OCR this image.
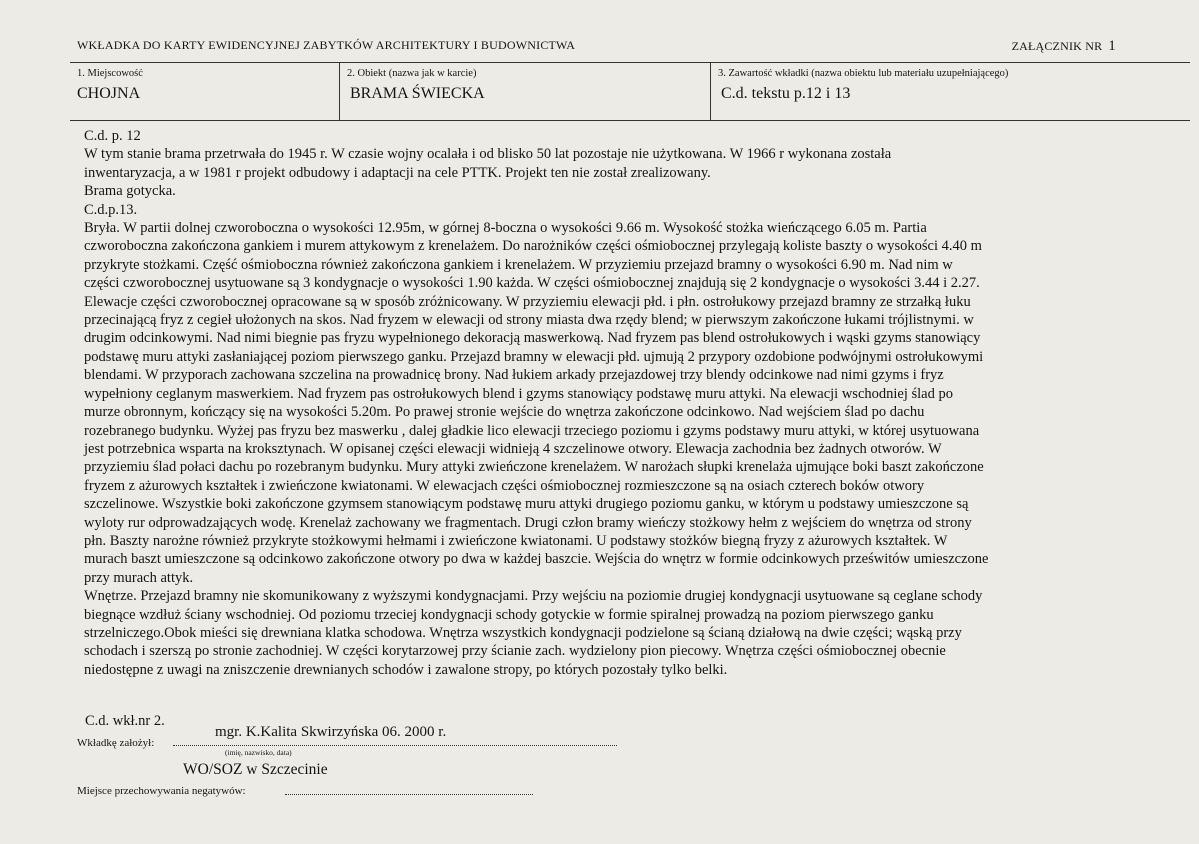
WKŁADKA DO KARTY EWIDENCYJNEJ ZABYTKÓW ARCHITEKTURY I BUDOWNICTWA	ZAŁĄCZNIK NR 1
1. Miejscowość
CHOJNA
2. Obiekt (nazwa jak w karcie)
BRAMA ŚWIECKA
3. Zawartość wkładki (nazwa obiektu lub materiału uzupełniającego)
C.d. tekstu p.12 i 13
C.d. p. 12
W tym stanie brama przetrwała do 1945 r. W czasie wojny ocalała i od blisko 50 lat pozostaje nie użytkowana. W 1966 r wykonana została
inwentaryzacja, a w 1981 r projekt odbudowy i adaptacji na cele PTTK. Projekt ten nie został zrealizowany.
Brama gotycka.
C.d.p.13.
Bryła. W partii dolnej czworoboczna o wysokości 12.95m, w górnej 8-boczna o wysokości 9.66 m. Wysokość stożka wieńczącego 6.05 m. Partia
czworoboczna zakończona gankiem i murem attykowym z krenelażem. Do narożników części ośmiobocznej przylegają koliste baszty o wysokości 4.40 m
przykryte stożkami. Część ośmioboczna również zakończona gankiem i krenelażem. W przyziemiu przejazd bramny o wysokości 6.90 m. Nad nim w
części czworobocznej usytuowane są 3 kondygnacje o wysokości 1.90 każda. W części ośmiobocznej znajdują się 2 kondygnacje o wysokości 3.44 i 2.27.
Elewacje części czworobocznej opracowane są w sposób zróżnicowany. W przyziemiu elewacji płd. i płn. ostrołukowy przejazd bramny ze strzałką łuku
przecinającą fryz z cegieł ułożonych na skos. Nad fryzem w elewacji od strony miasta dwa rzędy blend; w pierwszym zakończone łukami trójlistnymi. w
drugim odcinkowymi. Nad nimi biegnie pas fryzu wypełnionego dekoracją maswerkową. Nad fryzem pas blend ostrołukowych i wąski gzyms stanowiący
podstawę muru attyki zasłaniającej poziom pierwszego ganku. Przejazd bramny w elewacji płd. ujmują 2 przypory ozdobione podwójnymi ostrołukowymi
blendami. W przyporach zachowana szczelina na prowadnicę brony. Nad łukiem arkady przejazdowej trzy blendy odcinkowe nad nimi gzyms i fryz
wypełniony ceglanym maswerkiem. Nad fryzem pas ostrołukowych blend i gzyms stanowiący podstawę muru attyki. Na elewacji wschodniej ślad po
murze obronnym, kończący się na wysokości 5.20m. Po prawej stronie wejście do wnętrza zakończone odcinkowo. Nad wejściem ślad po dachu
rozebranego budynku. Wyżej pas fryzu bez maswerku , dalej gładkie lico elewacji trzeciego poziomu i gzyms podstawy muru attyki, w której usytuowana
jest potrzebnica wsparta na kroksztynach. W opisanej części elewacji widnieją 4 szczelinowe otwory. Elewacja zachodnia bez żadnych otworów. W
przyziemiu ślad połaci dachu po rozebranym budynku. Mury attyki zwieńczone krenelażem. W narożach słupki krenelaża ujmujące boki baszt zakończone
fryzem z ażurowych kształtek i zwieńczone kwiatonami. W elewacjach części ośmiobocznej rozmieszczone są na osiach czterech boków otwory
szczelinowe. Wszystkie boki zakończone gzymsem stanowiącym podstawę muru attyki drugiego poziomu ganku, w którym u podstawy umieszczone są
wyloty rur odprowadzających wodę. Krenelaż zachowany we fragmentach. Drugi człon bramy wieńczy stożkowy hełm z wejściem do wnętrza od strony
płn. Baszty narożne również przykryte stożkowymi hełmami i zwieńczone kwiatonami. U podstawy stożków biegną fryzy z ażurowych kształtek. W
murach baszt umieszczone są odcinkowo zakończone otwory po dwa w każdej baszcie. Wejścia do wnętrz w formie odcinkowych prześwitów umieszczone
przy murach attyk.
Wnętrze. Przejazd bramny nie skomunikowany z wyższymi kondygnacjami. Przy wejściu na poziomie drugiej kondygnacji usytuowane są ceglane schody
biegnące wzdłuż ściany wschodniej. Od poziomu trzeciej kondygnacji schody gotyckie w formie spiralnej prowadzą na poziom pierwszego ganku
strzelniczego.Obok mieści się drewniana klatka schodowa. Wnętrza wszystkich kondygnacji podzielone są ścianą działową na dwie części; wąską przy
schodach i szerszą po stronie zachodniej. W części korytarzowej przy ścianie zach. wydzielony pion piecowy. Wnętrza części ośmiobocznej obecnie
niedostępne z uwagi na zniszczenie drewnianych schodów i zawalone stropy, po których pozostały tylko belki.
C.d. wkł.nr 2.
mgr. K.Kalita Skwirzyńska 06. 2000 r.
Wkładkę założył:
(imię, nazwisko, data)
WO/SOZ w Szczecinie
Miejsce przechowywania negatywów:
